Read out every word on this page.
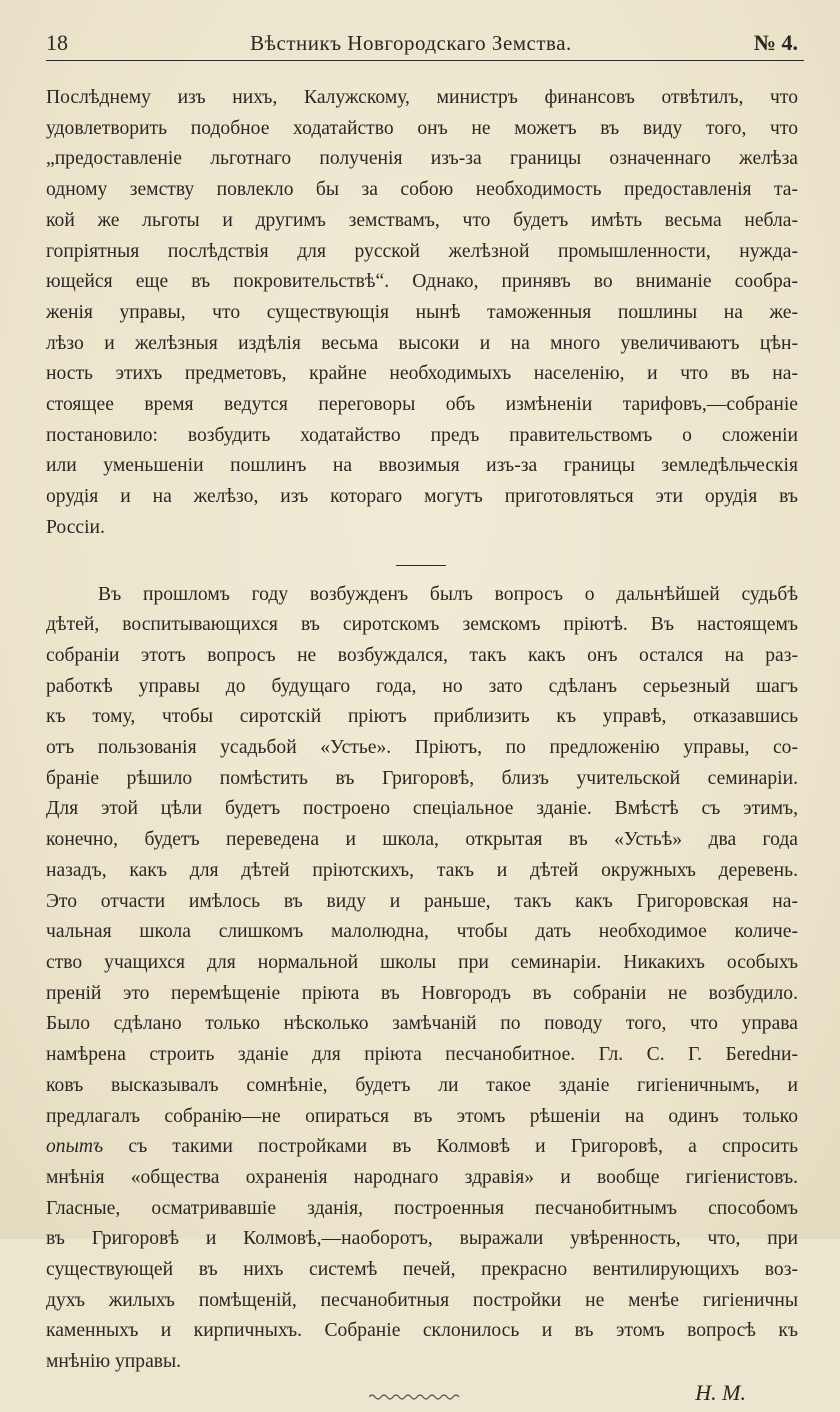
18	Вѣстникъ Новгородскаго Земства.	№ 4.

Послѣднему изъ нихъ, Калужскому, министръ финансовъ отвѣтилъ, что
удовлетворить подобное ходатайство онъ не можетъ въ виду того, что
„предоставленіе льготнаго полученія изъ-за границы означеннаго желѣза
одному земству повлекло бы за собою необходимость предоставленія та-
кой же льготы и другимъ земствамъ, что будетъ имѣть весьма небла-
гопріятныя послѣдствія для русской желѣзной промышленности, нужда-
ющейся еще въ покровительствѣ“. Однако, принявъ во вниманіе сообра-
женія управы, что существующія нынѣ таможенныя пошлины на же-
лѣзо и желѣзныя издѣлія весьма высоки и на много увеличиваютъ цѣн-
ность этихъ предметовъ, крайне необходимыхъ населенію, и что въ на-
стоящее время ведутся переговоры объ измѣненіи тарифовъ,—собраніе
постановило: возбудить ходатайство предъ правительствомъ о сложеніи
или уменьшеніи пошлинъ на ввозимыя изъ-за границы земледѣльческія
орудія и на желѣзо, изъ котораго могутъ приготовляться эти орудія въ
Россіи.

Въ прошломъ году возбужденъ былъ вопросъ о дальнѣйшей судьбѣ
дѣтей, воспитывающихся въ сиротскомъ земскомъ пріютѣ. Въ настоящемъ
собраніи этотъ вопросъ не возбуждался, такъ какъ онъ остался на раз-
работкѣ управы до будущаго года, но зато сдѣланъ серьезный шагъ
къ тому, чтобы сиротскій пріютъ приблизить къ управѣ, отказавшись
отъ пользованія усадьбой «Устье». Пріютъ, по предложенію управы, со-
браніе рѣшило помѣстить въ Григоровѣ, близъ учительской семинаріи.
Для этой цѣли будетъ построено спеціальное зданіе. Вмѣстѣ съ этимъ,
конечно, будетъ переведена и школа, открытая въ «Устьѣ» два года
назадъ, какъ для дѣтей пріютскихъ, такъ и дѣтей окружныхъ деревень.
Это отчасти имѣлось въ виду и раньше, такъ какъ Григоровская на-
чальная школа слишкомъ малолюдна, чтобы дать необходимое количе-
ство учащихся для нормальной школы при семинаріи. Никакихъ особыхъ
преній это перемѣщеніе пріюта въ Новгородъ въ собраніи не возбудило.
Было сдѣлано только нѣсколько замѣчаній по поводу того, что управа
намѣрена строить зданіе для пріюта песчанобитное. Гл. С. Г. Беredни-
ковъ высказывалъ сомнѣніе, будетъ ли такое зданіе гигіеничнымъ, и
предлагалъ собранію—не опираться въ этомъ рѣшеніи на одинъ только
опытъ съ такими постройками въ Колмовѣ и Григоровѣ, а спросить
мнѣнія «общества охраненія народнаго здравія» и вообще гигіенистовъ.
Гласные, осматривавшіе зданія, построенныя песчанобитнымъ способомъ
въ Григоровѣ и Колмовѣ,—наоборотъ, выражали увѣренность, что, при
существующей въ нихъ системѣ печей, прекрасно вентилирующихъ воз-
духъ жилыхъ помѣщеній, песчанобитныя постройки не менѣе гигіеничны
каменныхъ и кирпичныхъ. Собраніе склонилось и въ этомъ вопросѣ къ
мнѣнію управы.

Н. М.
